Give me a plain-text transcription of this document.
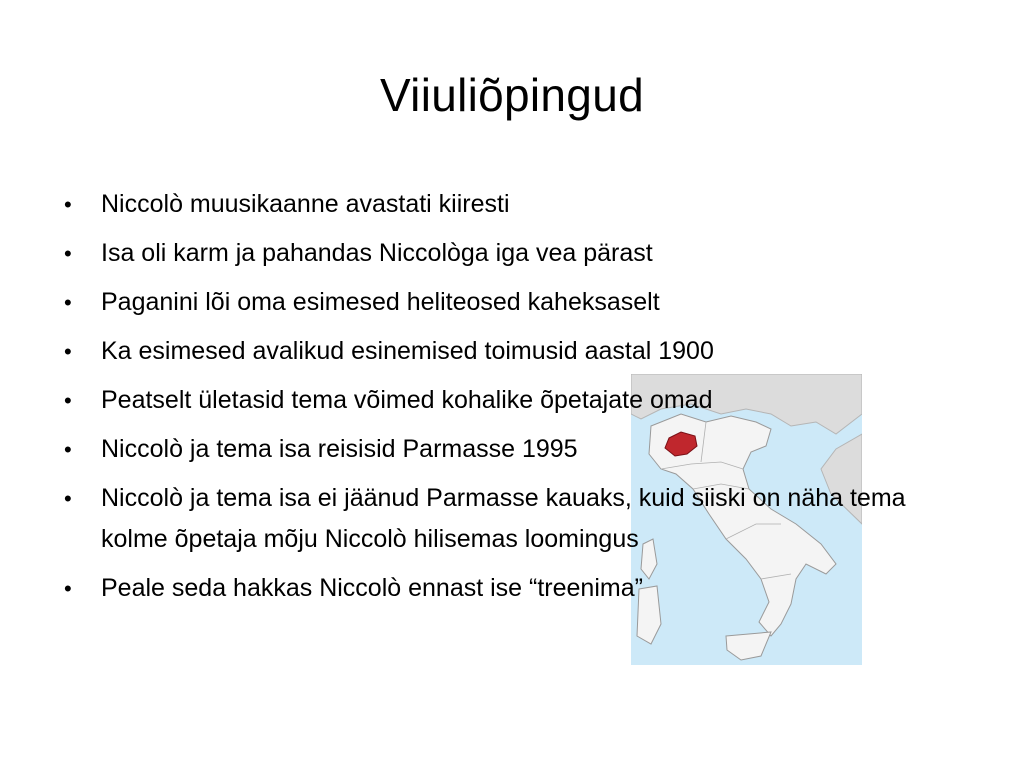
Viiuliõpingud
•	Niccolò muusikaanne avastati kiiresti
•	Isa oli karm ja pahandas Niccològa iga vea pärast
•	Paganini lõi oma esimesed heliteosed kaheksaselt
•	Ka esimesed avalikud esinemised toimusid aastal 1900
•	Peatselt ületasid tema võimed kohalike õpetajate omad
•	Niccolò ja tema isa reisisid Parmasse 1995
•	Niccolò ja tema isa ei jäänud Parmasse kauaks, kuid siiski on näha tema kolme õpetaja mõju Niccolò hilisemas loomingus
•	Peale seda hakkas Niccolò ennast ise “treenima”
